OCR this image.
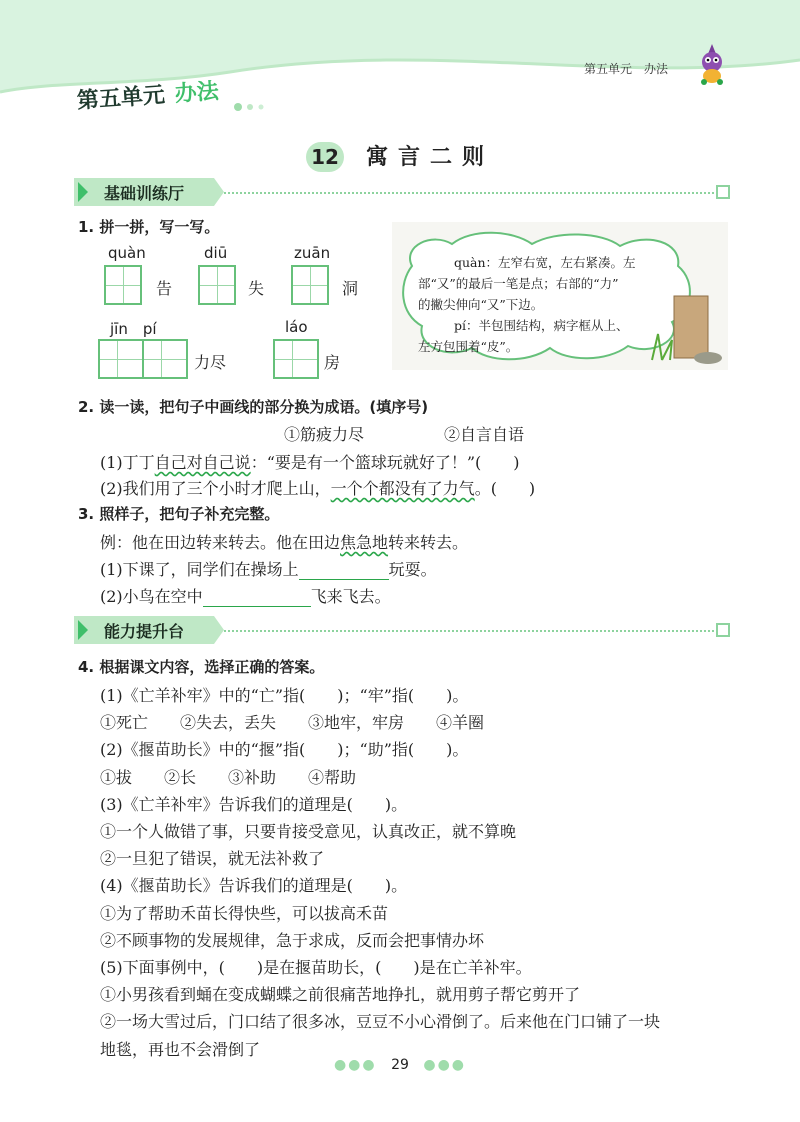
第五单元 办法
第五单元　办法
12 寓言二则
基础训练厅
1. 拼一拼，写一写。
quàn
告
diū
失
zuān
洞
jīn　pí
力尽
láo
房
quàn：左窄右宽，左右紧凑。左
部“又”的最后一笔是点；右部的“力”
的撇尖伸向“又”下边。
pí：半包围结构，病字框从上、
左方包围着“皮”。
2. 读一读，把句子中画线的部分换为成语。(填序号)
①筋疲力尽	②自言自语
(1)丁丁自己对自己说：“要是有一个篮球玩就好了！”(　　)
(2)我们用了三个小时才爬上山，一个个都没有了力气。(　　)
3. 照样子，把句子补充完整。
例：他在田边转来转去。他在田边焦急地转来转去。
(1)下课了，同学们在操场上	玩耍。
(2)小鸟在空中	飞来飞去。
能力提升台
4. 根据课文内容，选择正确的答案。
(1)《亡羊补牢》中的“亡”指(　　)；“牢”指(　　)。
①死亡　　②失去，丢失　　③地牢，牢房　　④羊圈
(2)《揠苗助长》中的“揠”指(　　)；“助”指(　　)。
①拔　　②长　　③补助　　④帮助
(3)《亡羊补牢》告诉我们的道理是(　　)。
①一个人做错了事，只要肯接受意见，认真改正，就不算晚
②一旦犯了错误，就无法补救了
(4)《揠苗助长》告诉我们的道理是(　　)。
①为了帮助禾苗长得快些，可以拔高禾苗
②不顾事物的发展规律，急于求成，反而会把事情办坏
(5)下面事例中，(　　)是在揠苗助长，(　　)是在亡羊补牢。
①小男孩看到蛹在变成蝴蝶之前很痛苦地挣扎，就用剪子帮它剪开了
②一场大雪过后，门口结了很多冰，豆豆不小心滑倒了。后来他在门口铺了一块
地毯，再也不会滑倒了
●●● 29 ●●●
